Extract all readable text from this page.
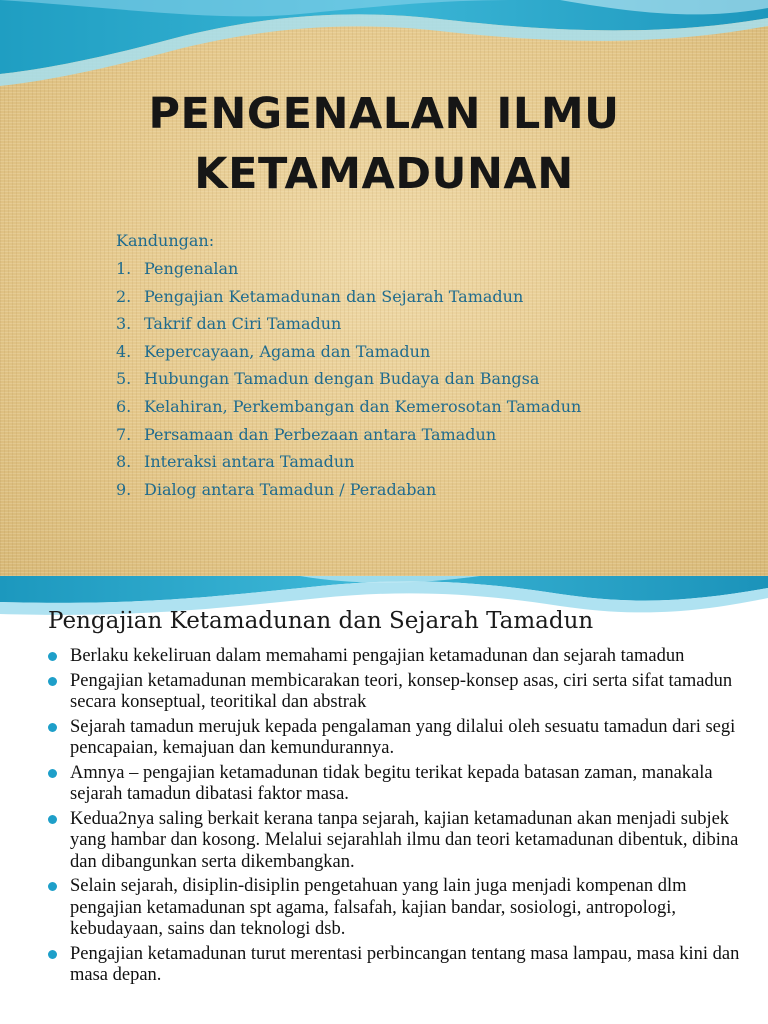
PENGENALAN ILMU
KETAMADUNAN
Kandungan:
1. Pengenalan
2. Pengajian Ketamadunan dan Sejarah Tamadun
3. Takrif dan Ciri Tamadun
4. Kepercayaan, Agama dan Tamadun
5. Hubungan Tamadun dengan Budaya dan Bangsa
6. Kelahiran, Perkembangan dan Kemerosotan Tamadun
7. Persamaan dan Perbezaan antara Tamadun
8. Interaksi antara Tamadun
9. Dialog antara Tamadun / Peradaban
Pengajian Ketamadunan dan Sejarah Tamadun
Berlaku kekeliruan dalam memahami pengajian ketamadunan dan sejarah tamadun
Pengajian ketamadunan membicarakan teori, konsep-konsep asas, ciri serta sifat tamadun secara konseptual, teoritikal dan abstrak
Sejarah tamadun merujuk kepada pengalaman yang dilalui oleh sesuatu tamadun dari segi pencapaian, kemajuan dan kemundurannya.
Amnya – pengajian ketamadunan tidak begitu terikat kepada batasan zaman, manakala sejarah tamadun dibatasi faktor masa.
Kedua2nya saling berkait kerana tanpa sejarah, kajian ketamadunan akan menjadi subjek yang hambar dan kosong. Melalui sejarahlah ilmu dan teori ketamadunan dibentuk, dibina dan dibangunkan serta dikembangkan.
Selain sejarah, disiplin-disiplin pengetahuan yang lain juga menjadi kompenan dlm pengajian ketamadunan spt agama, falsafah, kajian bandar, sosiologi, antropologi, kebudayaan, sains dan teknologi dsb.
Pengajian ketamadunan turut merentasi perbincangan tentang masa lampau, masa kini dan masa depan.
